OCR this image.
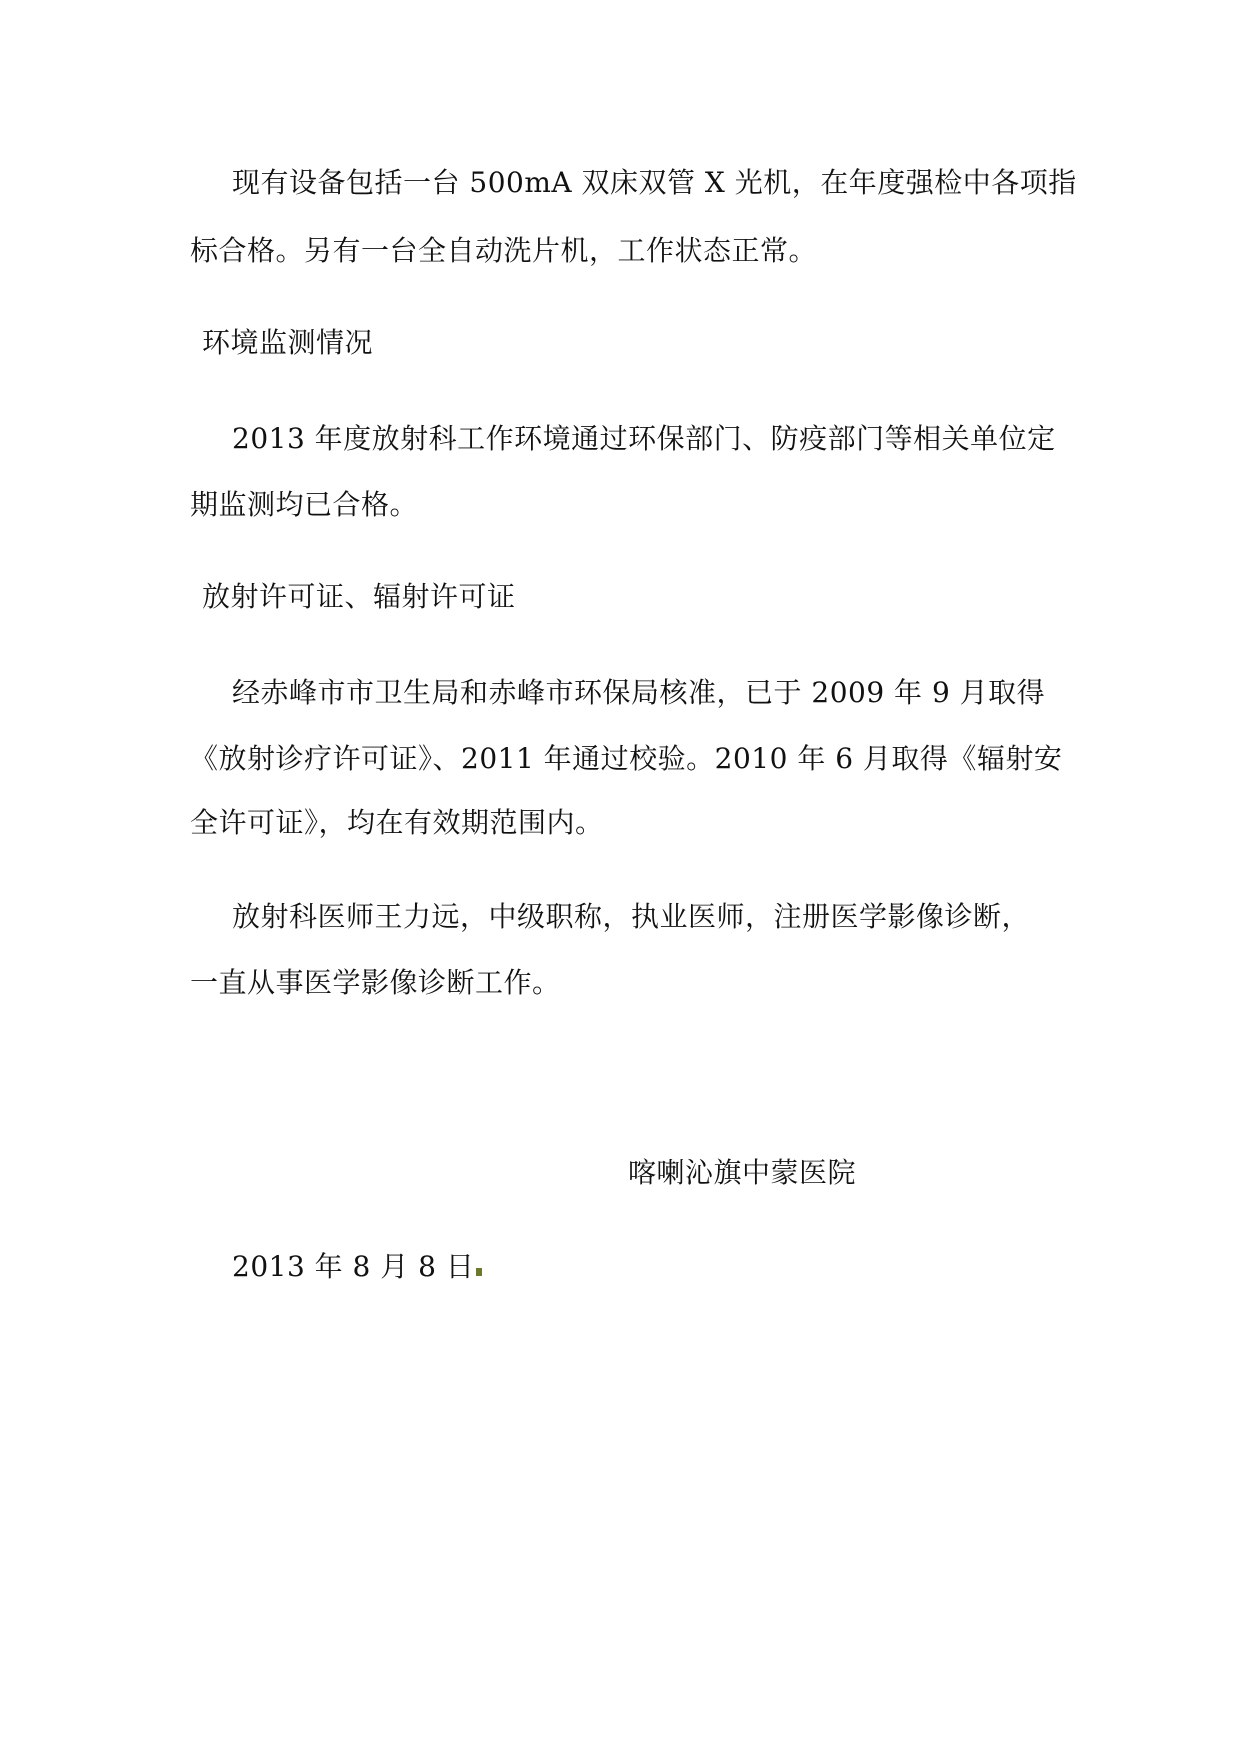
现有设备包括一台 500mA 双床双管 X 光机，在年度强检中各项指
标合格。另有一台全自动洗片机，工作状态正常。
环境监测情况
2013 年度放射科工作环境通过环保部门、防疫部门等相关单位定
期监测均已合格。
放射许可证、辐射许可证
经赤峰市市卫生局和赤峰市环保局核准，已于 2009 年 9 月取得
《放射诊疗许可证》、2011 年通过校验。2010 年 6 月取得《辐射安
全许可证》，均在有效期范围内。
放射科医师王力远，中级职称，执业医师，注册医学影像诊断，
一直从事医学影像诊断工作。
喀喇沁旗中蒙医院
2013 年 8 月 8 日
